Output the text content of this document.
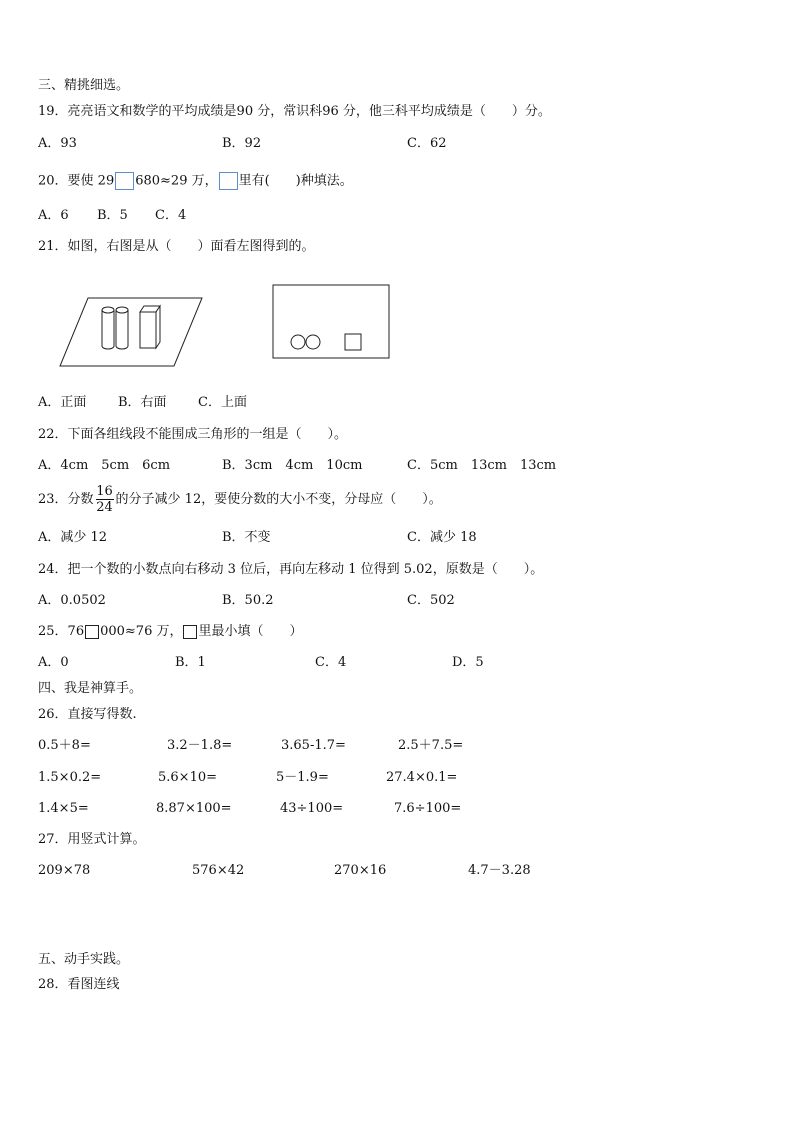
三、精挑细选。
19．亮亮语文和数学的平均成绩是90 分，常识科96 分，他三科平均成绩是（　　）分。
A．93	B．92	C．62
20．要使 29 680≈29 万， 里有(　　)种填法。
A．6 B．5 C．4
21．如图，右图是从（　　）面看左图得到的。
A．正面 B．右面 C．上面
22．下面各组线段不能围成三角形的一组是（　　）。
A．4cm　5cm　6cm	B．3cm　4cm　10cm	C．5cm　13cm　13cm
23．分数 $\frac{16}{24}$ 的分子减少 12，要使分数的大小不变，分母应（　　）。
A．减少 12	B．不变	C．减少 18
24．把一个数的小数点向右移动 3 位后，再向左移动 1 位得到 5.02，原数是（　　）。
A．0.0502	B．50.2	C．502
25．76 000≈76 万， 里最小填（　　）
A．0	B．1	C．4	D．5
四、我是神算手。
26．直接写得数.
0.5＋8=	3.2－1.8=	3.65-1.7=	2.5＋7.5=
1.5×0.2=	5.6×10=	5－1.9=	27.4×0.1=
1.4×5=	8.87×100=	43÷100=	7.6÷100=
27．用竖式计算。
209×78	576×42	270×16	4.7－3.28
五、动手实践。
28．看图连线
